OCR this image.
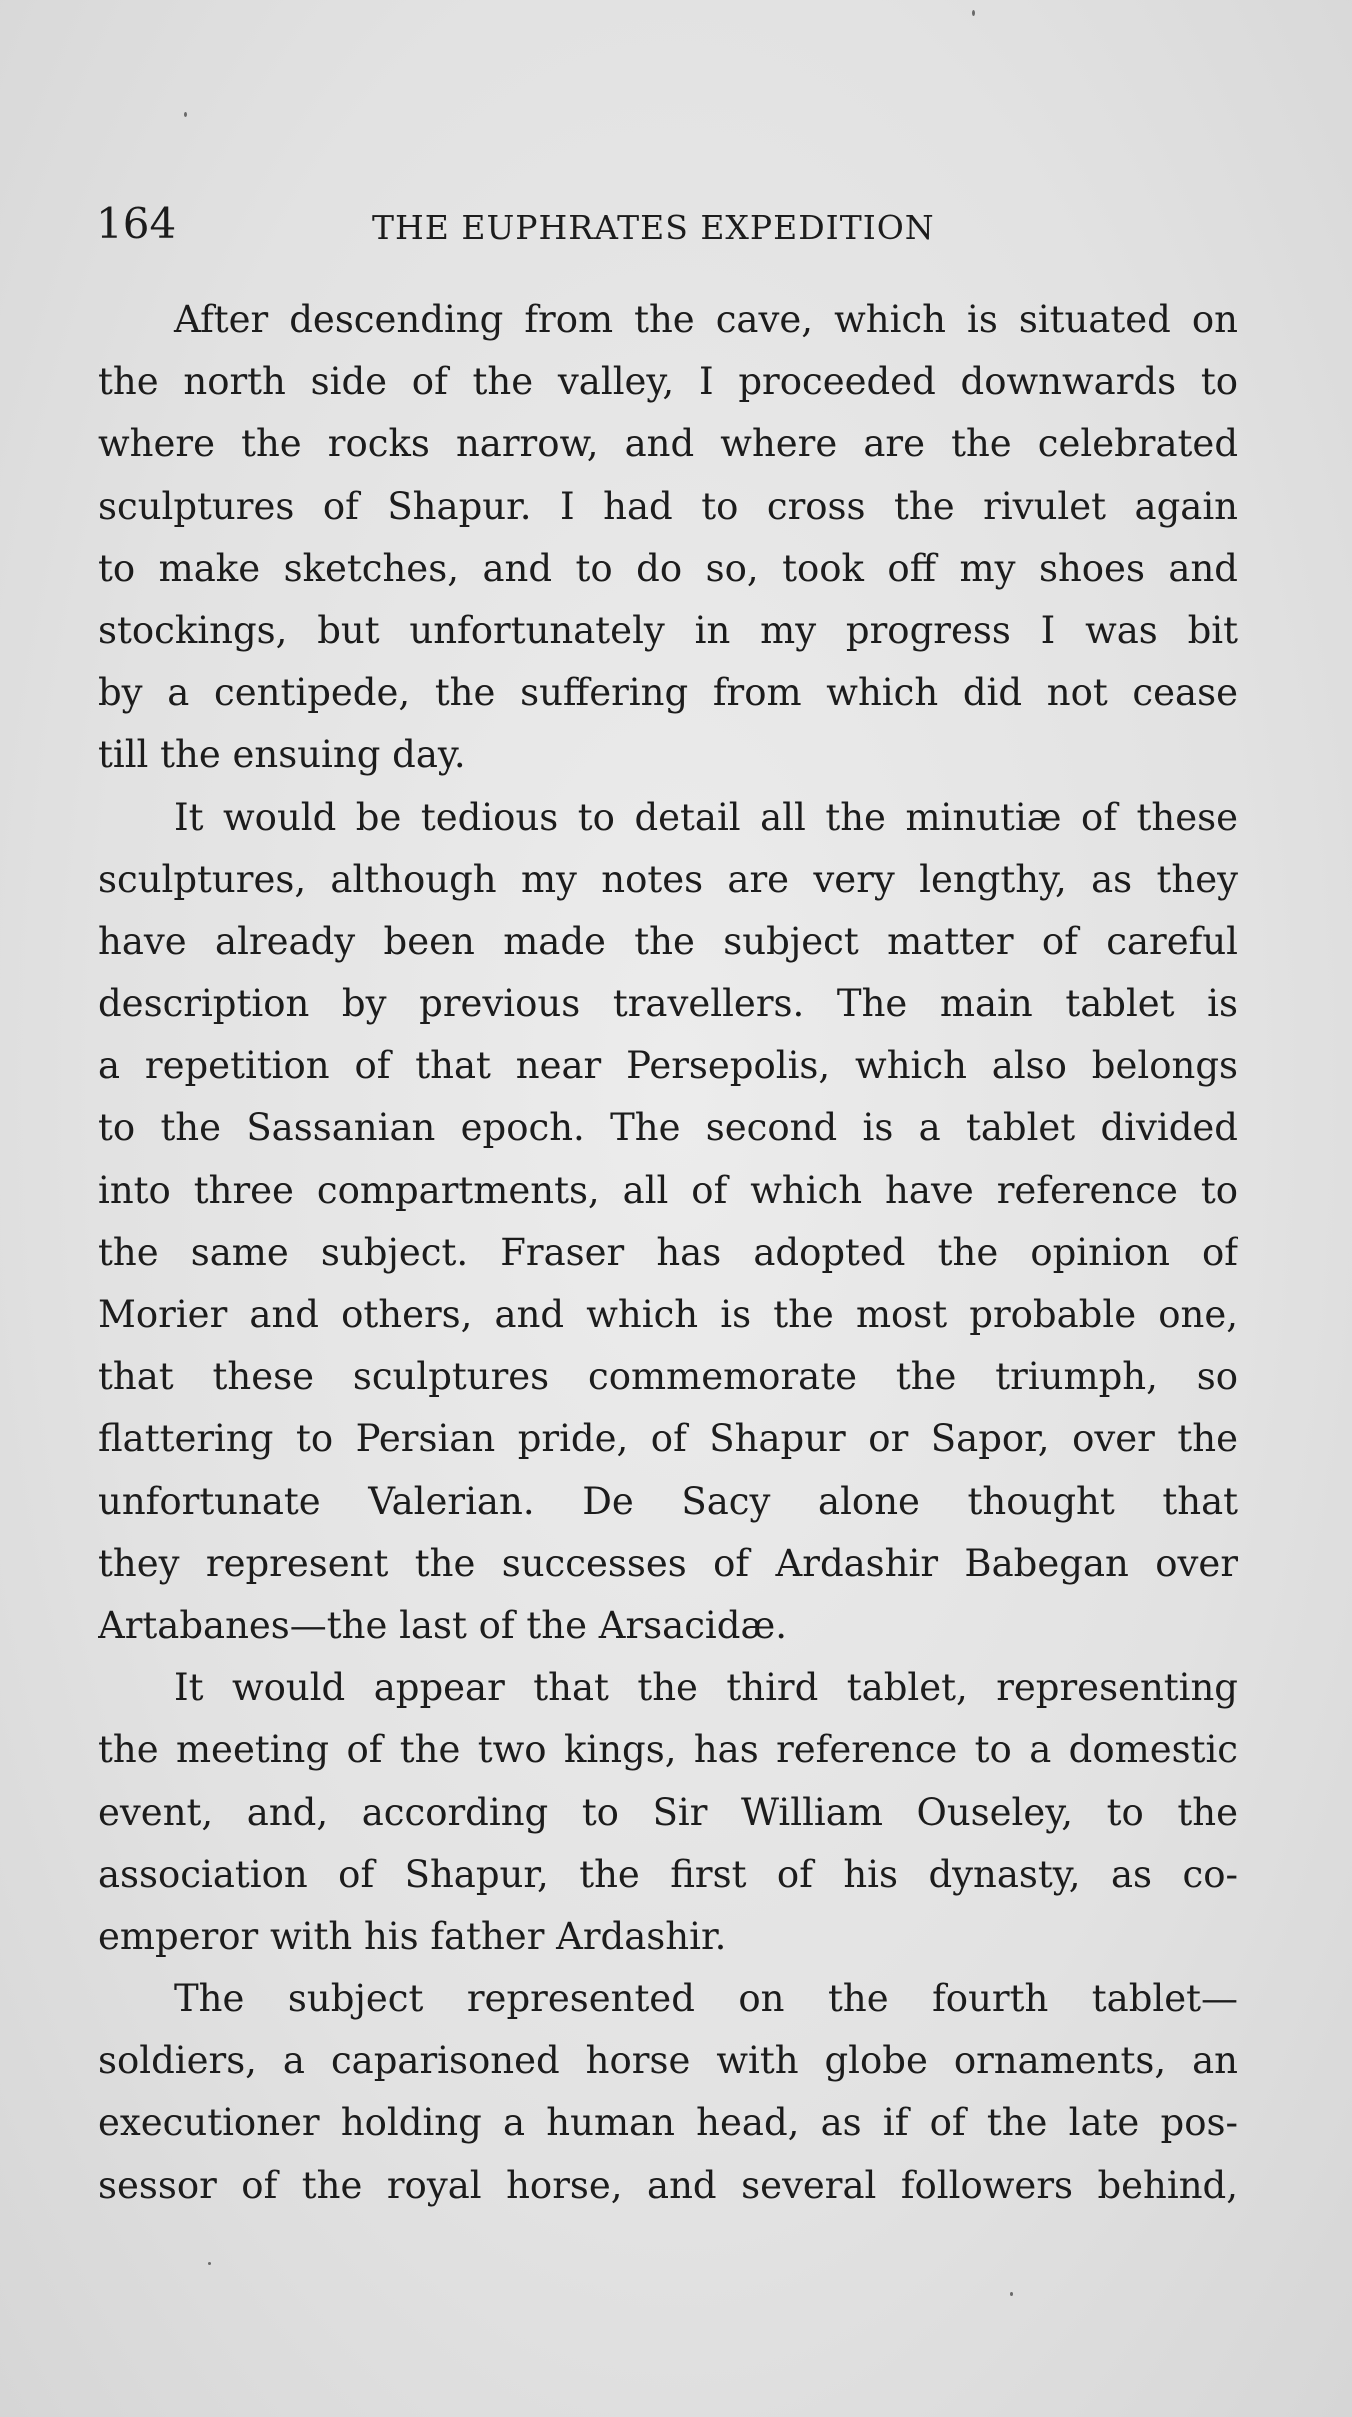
164	THE EUPHRATES EXPEDITION
After descending from the cave, which is situated on
the north side of the valley, I proceeded downwards to
where the rocks narrow, and where are the celebrated
sculptures of Shapur. I had to cross the rivulet again
to make sketches, and to do so, took off my shoes and
stockings, but unfortunately in my progress I was bit
by a centipede, the suffering from which did not cease
till the ensuing day.
It would be tedious to detail all the minutiæ of these
sculptures, although my notes are very lengthy, as they
have already been made the subject matter of careful
description by previous travellers. The main tablet is
a repetition of that near Persepolis, which also belongs
to the Sassanian epoch. The second is a tablet divided
into three compartments, all of which have reference to
the same subject. Fraser has adopted the opinion of
Morier and others, and which is the most probable one,
that these sculptures commemorate the triumph, so
flattering to Persian pride, of Shapur or Sapor, over the
unfortunate Valerian. De Sacy alone thought that
they represent the successes of Ardashir Babegan over
Artabanes—the last of the Arsacidæ.
It would appear that the third tablet, representing
the meeting of the two kings, has reference to a domestic
event, and, according to Sir William Ouseley, to the
association of Shapur, the first of his dynasty, as co-
emperor with his father Ardashir.
The subject represented on the fourth tablet—
soldiers, a caparisoned horse with globe ornaments, an
executioner holding a human head, as if of the late pos-
sessor of the royal horse, and several followers behind,
